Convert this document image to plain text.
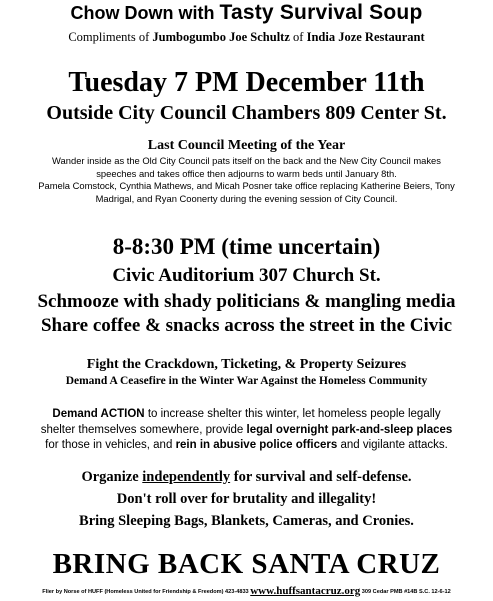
Chow Down with Tasty Survival Soup
Compliments of Jumbogumbo Joe Schultz of India Joze Restaurant
Tuesday 7 PM December 11th
Outside City Council Chambers 809 Center St.
Last Council Meeting of the Year
Wander inside as the Old City Council pats itself on the back and the New City Council makes
speeches and takes office then adjourns to warm beds until January 8th.
Pamela Comstock, Cynthia Mathews, and Micah Posner take office replacing Katherine Beiers, Tony
Madrigal, and Ryan Coonerty during the evening session of City Council.
8-8:30 PM (time uncertain)
Civic Auditorium 307 Church St.
Schmooze with shady politicians & mangling media
Share coffee & snacks across the street in the Civic
Fight the Crackdown, Ticketing, & Property Seizures
Demand A Ceasefire in the Winter War Against the Homeless Community
Demand ACTION to increase shelter this winter, let homeless people legally
shelter themselves somewhere, provide legal overnight park-and-sleep places
for those in vehicles, and rein in abusive police officers and vigilante attacks.
Organize independently for survival and self-defense.
Don't roll over for brutality and illegality!
Bring Sleeping Bags, Blankets, Cameras, and Cronies.
BRING BACK SANTA CRUZ
Flier by Norse of HUFF (Homeless United for Friendship & Freedom) 423-4833 www.huffsantacruz.org 309 Cedar PMB #14B S.C. 12-6-12
